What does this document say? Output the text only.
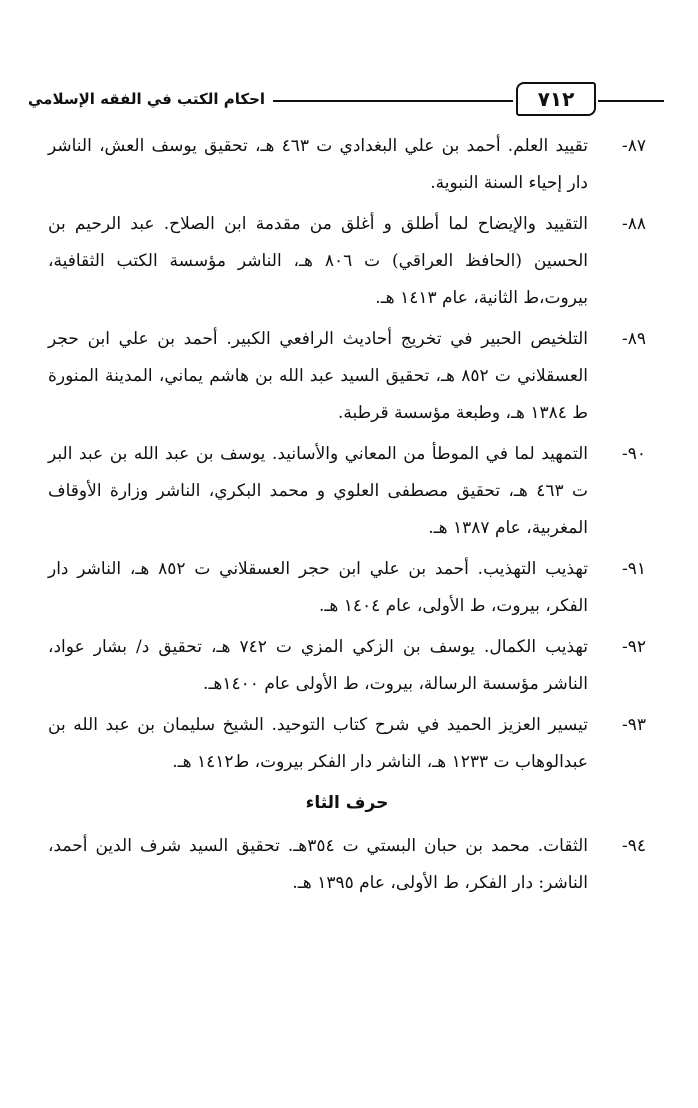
احكام الكتب في الفقه الإسلامي	٧١٢
٨٧-
تقييد العلم. أحمد بن علي البغدادي ت ٤٦٣ هـ، تحقيق يوسف العش، الناشر دار إحياء السنة النبوية.
٨٨-
التقييد والإيضاح لما أطلق و أغلق من مقدمة ابن الصلاح. عبد الرحيم بن الحسين (الحافظ العراقي) ت ٨٠٦ هـ، الناشر مؤسسة الكتب الثقافية، بيروت،ط الثانية، عام ١٤١٣ هـ.
٨٩-
التلخيص الحبير في تخريج أحاديث الرافعي الكبير. أحمد بن علي ابن حجر العسقلاني ت ٨٥٢ هـ، تحقيق السيد عبد الله بن هاشم يماني، المدينة المنورة ط ١٣٨٤ هـ، وطبعة مؤسسة قرطبة.
٩٠-
التمهيد لما في الموطأ من المعاني والأسانيد. يوسف بن عبد الله بن عبد البر ت ٤٦٣ هـ، تحقيق مصطفى العلوي و محمد البكري، الناشر وزارة الأوقاف المغربية، عام ١٣٨٧ هـ.
٩١-
تهذيب التهذيب. أحمد بن علي ابن حجر العسقلاني ت ٨٥٢ هـ، الناشر دار الفكر، بيروت، ط الأولى، عام ١٤٠٤ هـ.
٩٢-
تهذيب الكمال. يوسف بن الزكي المزي ت ٧٤٢ هـ، تحقيق د/ بشار عواد، الناشر مؤسسة الرسالة، بيروت، ط الأولى عام ١٤٠٠هـ.
٩٣-
تيسير العزيز الحميد في شرح كتاب التوحيد. الشيخ سليمان بن عبد الله بن عبدالوهاب ت ١٢٣٣ هـ، الناشر دار الفكر بيروت، ط١٤١٢ هـ.
حرف الثاء
٩٤-
الثقات. محمد بن حبان البستي ت ٣٥٤هـ. تحقيق السيد شرف الدين أحمد، الناشر: دار الفكر، ط الأولى، عام ١٣٩٥ هـ.
